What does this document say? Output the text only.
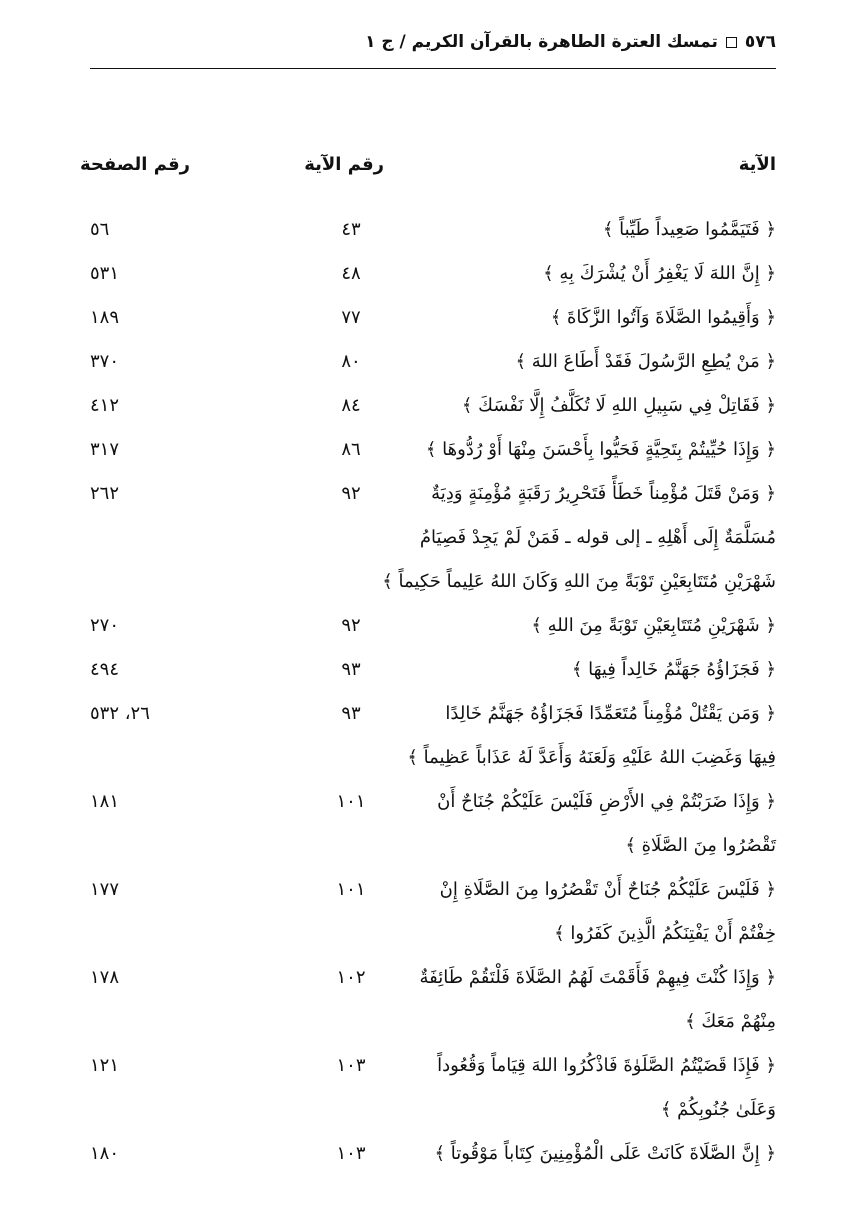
٥٧٦
تمسك العترة الطاهرة بالقرآن الكريم / ج ١
الآية
رقم الآية
رقم الصفحة
﴿ فَتَيَمَّمُوا صَعِيداً طَيِّباً ﴾
٤٣
٥٦
﴿ إِنَّ اللهَ لَا يَغْفِرُ أَنْ يُشْرَكَ بِهِ ﴾
٤٨
٥٣١
﴿ وَأَقِيمُوا الصَّلَاةَ وَآتُوا الزَّكَاةَ ﴾
٧٧
١٨٩
﴿ مَنْ يُطِعِ الرَّسُولَ فَقَدْ أَطَاعَ اللهَ ﴾
٨٠
٣٧٠
﴿ فَقَاتِلْ فِي سَبِيلِ اللهِ لَا تُكَلَّفُ إِلَّا نَفْسَكَ ﴾
٨٤
٤١٢
﴿ وَإِذَا حُيِّيتُمْ بِتَحِيَّةٍ فَحَيُّوا بِأَحْسَنَ مِنْهَا أَوْ رُدُّوهَا ﴾
٨٦
٣١٧
﴿ وَمَنْ قَتَلَ مُؤْمِناً خَطَأً فَتَحْرِيرُ رَقَبَةٍ مُؤْمِنَةٍ وَدِيَةٌ
مُسَلَّمَةٌ إِلَى أَهْلِهِ ـ إلى قوله ـ فَمَنْ لَمْ يَجِدْ فَصِيَامُ
شَهْرَيْنِ مُتَتَابِعَيْنِ تَوْبَةً مِنَ اللهِ وَكَانَ اللهُ عَلِيماً حَكِيماً ﴾
٩٢
٢٦٢
﴿ شَهْرَيْنِ مُتَتَابِعَيْنِ تَوْبَةً مِنَ اللهِ ﴾
٩٢
٢٧٠
﴿ فَجَزَاؤُهُ جَهَنَّمُ خَالِداً فِيهَا ﴾
٩٣
٤٩٤
﴿ وَمَن يَقْتُلْ مُؤْمِناً مُتَعَمِّدًا فَجَزَاؤُهُ جَهَنَّمُ خَالِدًا
فِيهَا وَغَضِبَ اللهُ عَلَيْهِ وَلَعَنَهُ وَأَعَدَّ لَهُ عَذَاباً عَظِيماً ﴾
٩٣
٢٦، ٥٣٢
﴿ وَإِذَا ضَرَبْتُمْ فِي الأَرْضِ فَلَيْسَ عَلَيْكُمْ جُنَاحٌ أَنْ
تَقْصُرُوا مِنَ الصَّلَاةِ ﴾
١٠١
١٨١
﴿ فَلَيْسَ عَلَيْكُمْ جُنَاحٌ أَنْ تَقْصُرُوا مِنَ الصَّلَاةِ إِنْ
خِفْتُمْ أَنْ يَفْتِنَكُمُ الَّذِينَ كَفَرُوا ﴾
١٠١
١٧٧
﴿ وَإِذَا كُنْتَ فِيهِمْ فَأَقَمْتَ لَهُمُ الصَّلَاةَ فَلْتَقُمْ طَائِفَةٌ
مِنْهُمْ مَعَكَ ﴾
١٠٢
١٧٨
﴿ فَإِذَا قَضَيْتُمُ الصَّلَوٰةَ فَاذْكُرُوا اللهَ قِيَاماً وَقُعُوداً
وَعَلَىٰ جُنُوبِكُمْ ﴾
١٠٣
١٢١
﴿ إِنَّ الصَّلَاةَ كَانَتْ عَلَى الْمُؤْمِنِينَ كِتَاباً مَوْقُوتاً ﴾
١٠٣
١٨٠
